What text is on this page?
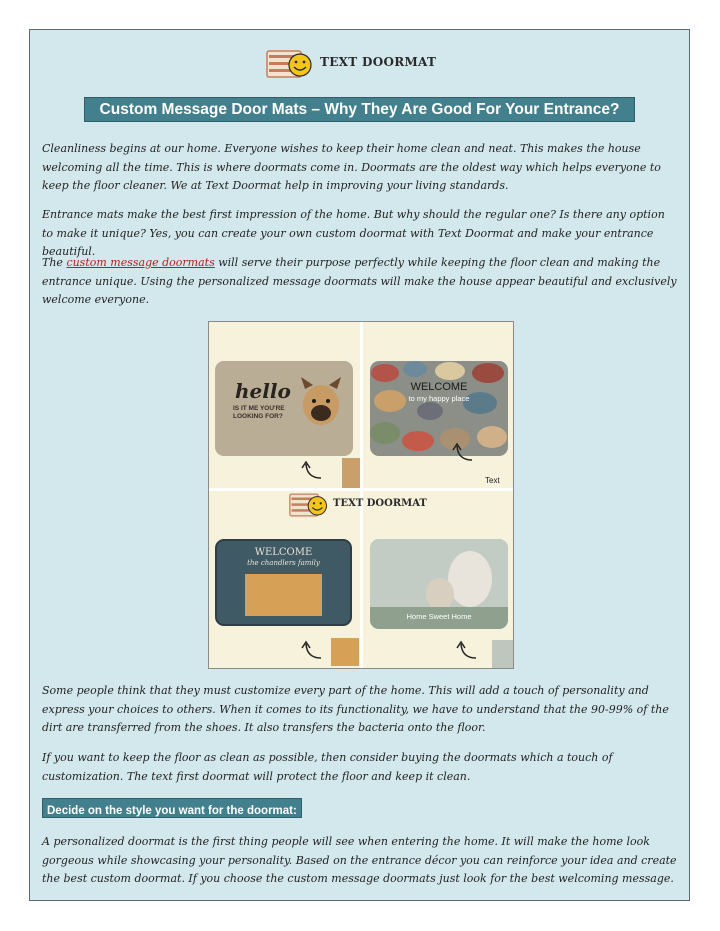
TEXT DOORMAT
Custom Message Door Mats – Why They Are Good For Your Entrance?

Cleanliness begins at our home. Everyone wishes to keep their home clean and neat. This makes the house welcoming all the time. This is where doormats come in. Doormats are the oldest way which helps everyone to keep the floor cleaner. We at Text Doormat help in improving your living standards.

Entrance mats make the best first impression of the home. But why should the regular one? Is there any option to make it unique? Yes, you can create your own custom doormat with Text Doormat and make your entrance beautiful.

The custom message doormats will serve their purpose perfectly while keeping the floor clean and making the entrance unique. Using the personalized message doormats will make the house appear beautiful and exclusively welcome everyone.

hello
IS IT ME YOU'RE LOOKING FOR?
WELCOME
to my happy place
Text
TEXT DOORMAT
WELCOME
the chandlers family
Home Sweet Home

Some people think that they must customize every part of the home. This will add a touch of personality and express your choices to others. When it comes to its functionality, we have to understand that the 90-99% of the dirt are transferred from the shoes. It also transfers the bacteria onto the floor.

If you want to keep the floor as clean as possible, then consider buying the doormats which a touch of customization. The text first doormat will protect the floor and keep it clean.

Decide on the style you want for the doormat:

A personalized doormat is the first thing people will see when entering the home. It will make the home look gorgeous while showcasing your personality. Based on the entrance décor you can reinforce your idea and create the best custom doormat. If you choose the custom message doormats just look for the best welcoming message.
